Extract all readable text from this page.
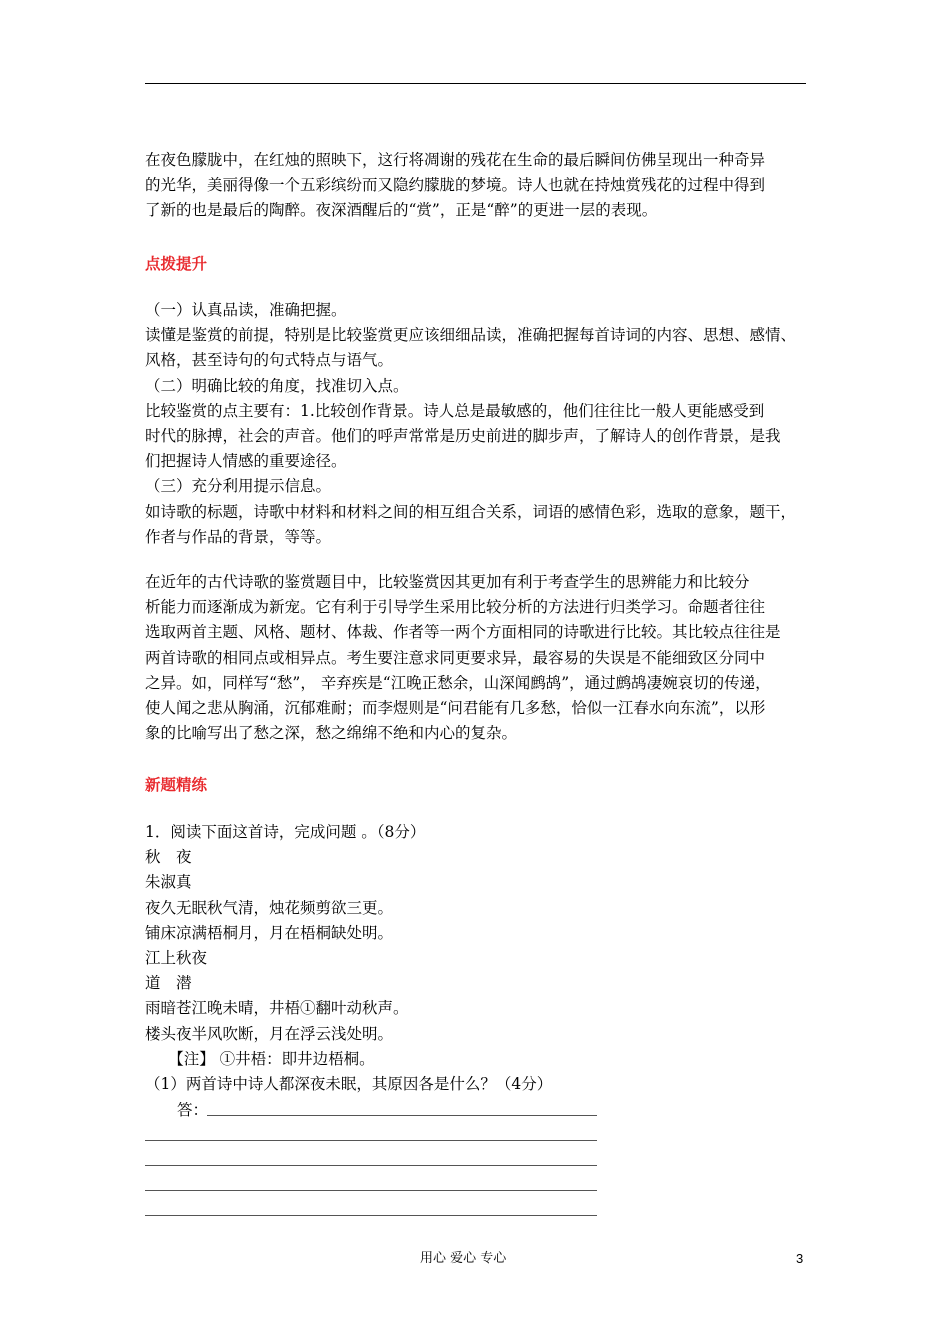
在夜色朦胧中，在红烛的照映下，这行将凋谢的残花在生命的最后瞬间仿佛呈现出一种奇异
的光华，美丽得像一个五彩缤纷而又隐约朦胧的梦境。诗人也就在持烛赏残花的过程中得到
了新的也是最后的陶醉。夜深酒醒后的“赏”，正是“醉”的更进一层的表现。
点拨提升
（一）认真品读，准确把握。
读懂是鉴赏的前提，特别是比较鉴赏更应该细细品读，准确把握每首诗词的内容、思想、感情、
风格，甚至诗句的句式特点与语气。
（二）明确比较的角度，找准切入点。
比较鉴赏的点主要有：1.比较创作背景。诗人总是最敏感的，他们往往比一般人更能感受到
时代的脉搏，社会的声音。他们的呼声常常是历史前进的脚步声，了解诗人的创作背景，是我
们把握诗人情感的重要途径。
（三）充分利用提示信息。
如诗歌的标题，诗歌中材料和材料之间的相互组合关系，词语的感情色彩，选取的意象，题干，
作者与作品的背景，等等。
在近年的古代诗歌的鉴赏题目中，比较鉴赏因其更加有利于考查学生的思辨能力和比较分
析能力而逐渐成为新宠。它有利于引导学生采用比较分析的方法进行归类学习。命题者往往
选取两首主题、风格、题材、体裁、作者等一两个方面相同的诗歌进行比较。其比较点往往是
两首诗歌的相同点或相异点。考生要注意求同更要求异，最容易的失误是不能细致区分同中
之异。如，同样写“愁”， 辛弃疾是“江晚正愁余，山深闻鹧鸪”，通过鹧鸪凄婉哀切的传递，
使人闻之悲从胸涌，沉郁难耐；而李煜则是“问君能有几多愁，恰似一江春水向东流”，以形
象的比喻写出了愁之深，愁之绵绵不绝和内心的复杂。
新题精练
1．阅读下面这首诗，完成问题 。（8分）
秋　夜
朱淑真
夜久无眠秋气清，烛花频剪欲三更。
铺床凉满梧桐月，月在梧桐缺处明。
江上秋夜
道　潜
雨暗苍江晚未晴，井梧①翻叶动秋声。
楼头夜半风吹断，月在浮云浅处明。
　　【注】 ①井梧：即井边梧桐。
（1）两首诗中诗人都深夜未眠，其原因各是什么？（4分）
答：
用心 爱心 专心	3
